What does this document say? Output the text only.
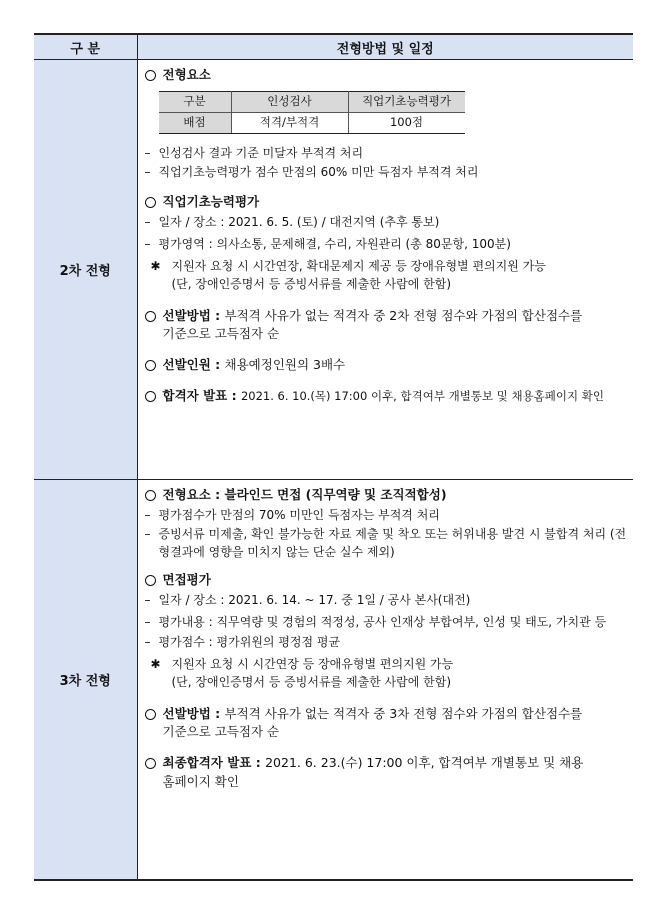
구 분	전형방법 및 일정
2차 전형	
전형요소
구분	인성검사	직업기초능력평가
배점	적격/부적격	100점
– 인성검사 결과 기준 미달자 부적격 처리
– 직업기초능력평가 점수 만점의 60% 미만 득점자 부적격 처리
직업기초능력평가
– 일자 / 장소 : 2021. 6. 5. (토) / 대전지역 (추후 통보)
– 평가영역 : 의사소통, 문제해결, 수리, 자원관리 (총 80문항, 100분)
✱ 지원자 요청 시 시간연장, 확대문제지 제공 등 장애유형별 편의지원 가능
(단, 장애인증명서 등 증빙서류를 제출한 사람에 한함)
선발방법 : 부적격 사유가 없는 적격자 중 2차 전형 점수와 가점의 합산점수를
기준으로 고득점자 순
선발인원 : 채용예정인원의 3배수
합격자 발표 : 2021. 6. 10.(목) 17:00 이후, 합격여부 개별통보 및 채용홈페이지 확인

3차 전형	
전형요소 : 블라인드 면접 (직무역량 및 조직적합성)
– 평가점수가 만점의 70% 미만인 득점자는 부적격 처리
– 증빙서류 미제출, 확인 불가능한 자료 제출 및 착오 또는 허위내용 발견 시 불합격 처리 (전형결과에 영향을 미치지 않는 단순 실수 제외)
면접평가
– 일자 / 장소 : 2021. 6. 14. ~ 17. 중 1일 / 공사 본사(대전)
– 평가내용 : 직무역량 및 경험의 적정성, 공사 인재상 부합여부, 인성 및 태도, 가치관 등
– 평가점수 : 평가위원의 평정점 평균
✱ 지원자 요청 시 시간연장 등 장애유형별 편의지원 가능
(단, 장애인증명서 등 증빙서류를 제출한 사람에 한함)
선발방법 : 부적격 사유가 없는 적격자 중 3차 전형 점수와 가점의 합산점수를
기준으로 고득점자 순
최종합격자 발표 : 2021. 6. 23.(수) 17:00 이후, 합격여부 개별통보 및 채용
홈페이지 확인
